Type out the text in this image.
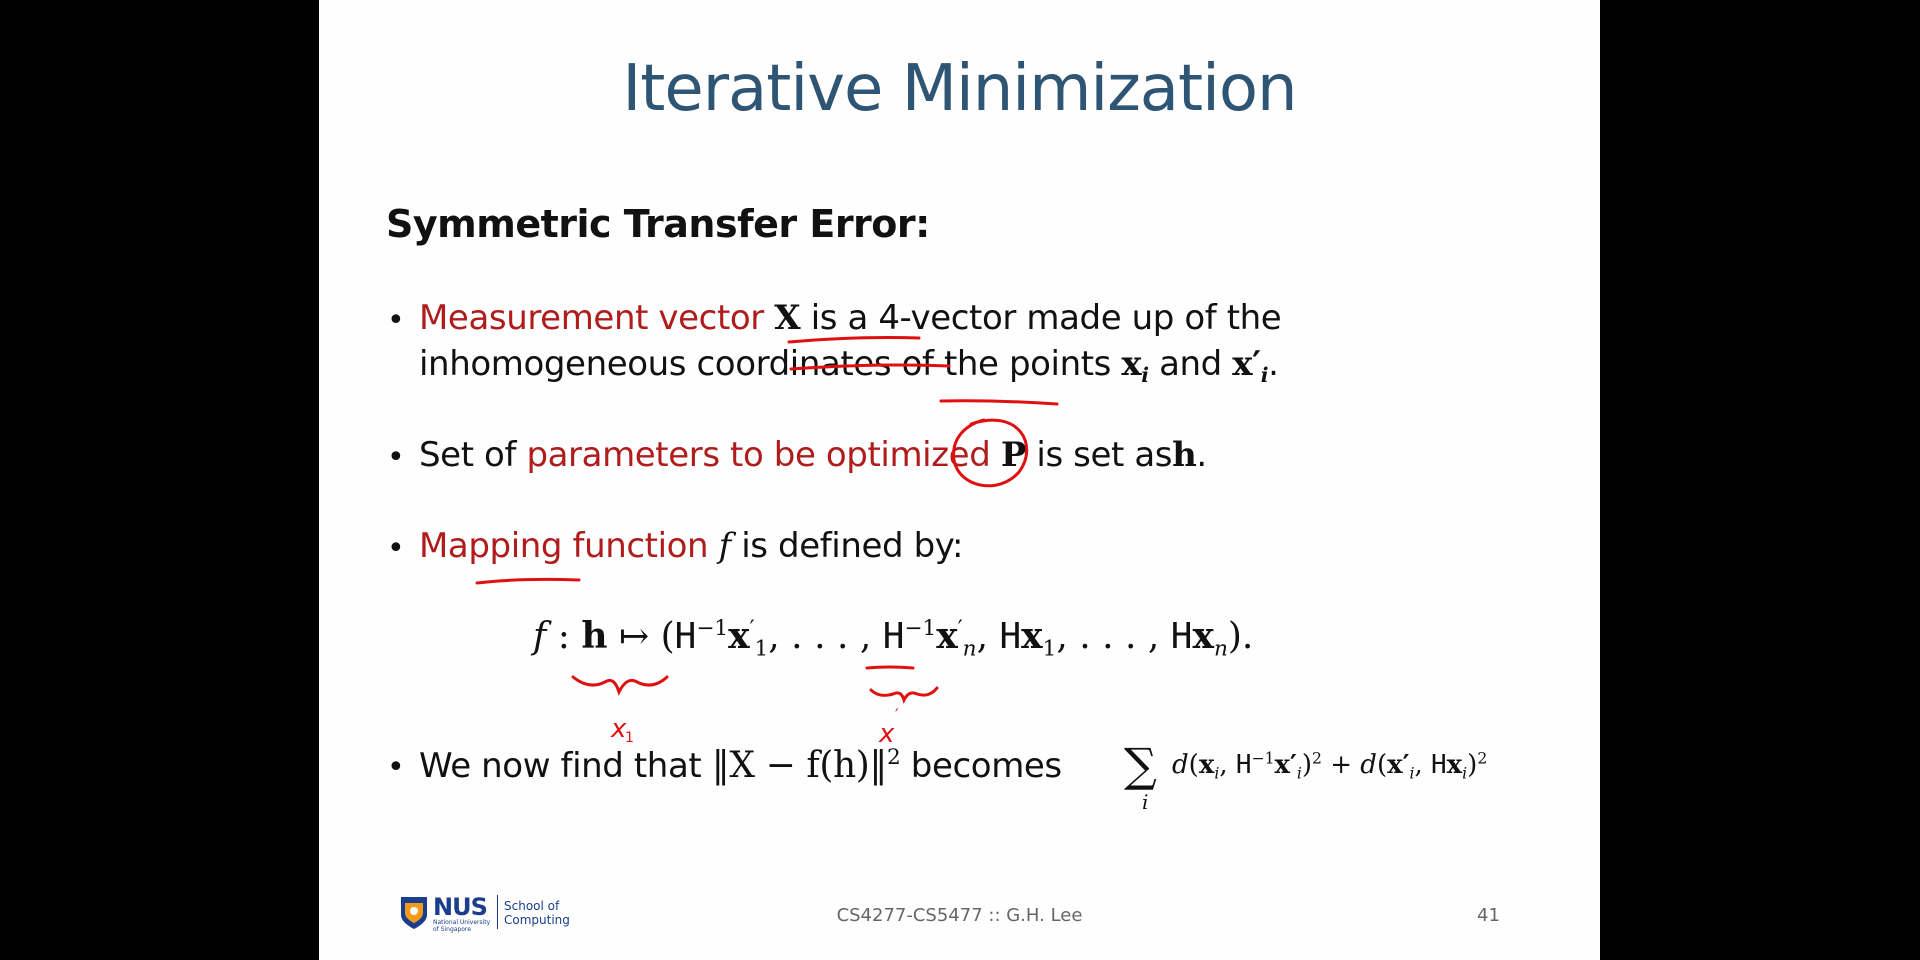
Iterative Minimization
Symmetric Transfer Error:
• Measurement vector X is a 4-vector made up of the
inhomogeneous coordinates of the points $x_i$ and $x'_i$.
• Set of parameters to be optimized P is set ash.
• Mapping function f is defined by:
f : h ↦ ($H^{-1}x'_1$, . . . , $H^{-1}x'_n$, $Hx_1$, . . . , $Hx_n$).
• We now find that ‖X − f(h)‖$^2$ becomes ∑
i
$d(x_i$, $H^{-1}x'_i)^2 + d(x'_i$, $Hx_i)^2$
x
1	x
′
NUS
National University
of Singapore
School of
Computing	CS4277-CS5477 :: G.H. Lee	41
